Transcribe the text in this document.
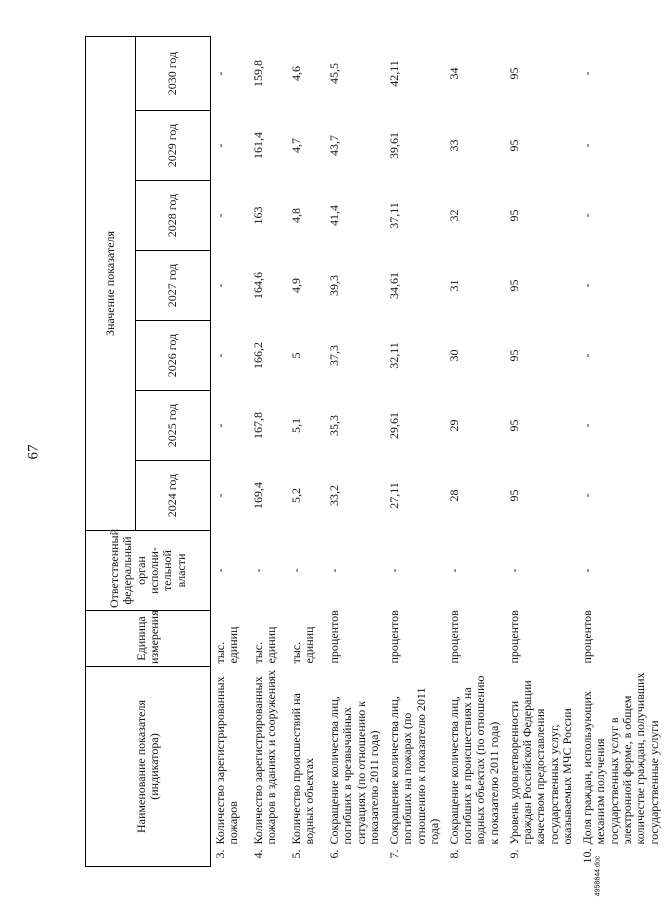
67
Наименование показателя (индикатора)		Единица измерения	Ответственный федеральный орган исполни-тельной власти	Значение показателя						
				2024 год	2025 год	2026 год	2027 год	2028 год	2029 год	2030 год
3.	Количество зарегистрированных пожаров	тыс. единиц	-	-	-	-	-	-	-	-
4.	Количество зарегистрированных пожаров в зданиях и сооружениях	тыс. единиц	-	169,4	167,8	166,2	164,6	163	161,4	159,8
5.	Количество происшествий на водных объектах	тыс. единиц	-	5,2	5,1	5	4,9	4,8	4,7	4,6
6.	Сокращение количества лиц, погибших в чрезвычайных ситуациях (по отношению к показателю 2011 года)	процентов	-	33,2	35,3	37,3	39,3	41,4	43,7	45,5
7.	Сокращение количества лиц, погибших на пожарах (по отношению к показателю 2011 года)	процентов	-	27,11	29,61	32,11	34,61	37,11	39,61	42,11
8.	Сокращение количества лиц, погибших в происшествиях на водных объектах (по отношению к показателю 2011 года)	процентов	-	28	29	30	31	32	33	34
9.	Уровень удовлетворенности граждан Российской Федерации качеством предоставления государственных услуг, оказываемых МЧС России	процентов	-	95	95	95	95	95	95	95
10.	Доля граждан, использующих механизм получения государственных услуг в электронной форме, в общем количестве граждан, получивших государственные услуги	процентов	-	-	-	-	-	-	-	-
4958644.doc
